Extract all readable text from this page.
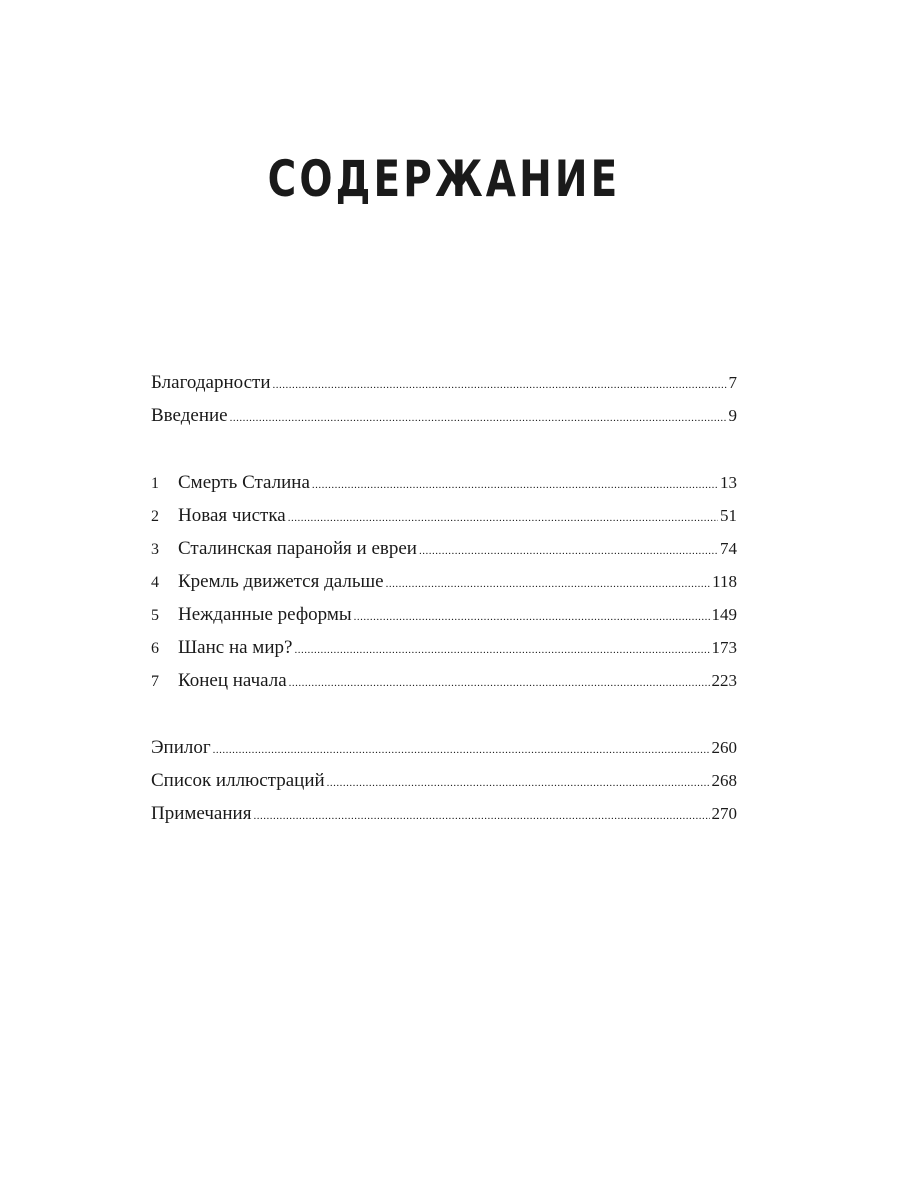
СОДЕРЖАНИЕ
Благодарности .....	7
Введение .....	9
1	Смерть Сталина .....	13
2	Новая чистка .....	51
3	Сталинская паранойя и евреи .....	74
4	Кремль движется дальше .....	118
5	Нежданные реформы .....	149
6	Шанс на мир? .....	173
7	Конец начала .....	223
Эпилог .....	260
Список иллюстраций .....	268
Примечания .....	270
